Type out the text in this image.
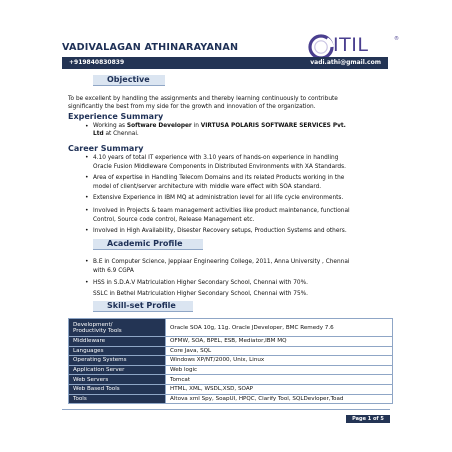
VADIVALAGAN ATHINARAYANAN	ITIL	®
+919840830839	vadi.athi@gmail.com
Objective
To be excellent by handling the assignments and thereby learning continuously to contribute
significantly the best from my side for the growth and innovation of the organization.
Experience Summary
• Working as Software Developer in VIRTUSA POLARIS SOFTWARE SERVICES Pvt.
Ltd at Chennai.
Career Summary
• 4.10 years of total IT experience with 3.10 years of hands-on experience in handling
Oracle Fusion Middleware Components in Distributed Environments with XA Standards.
• Area of expertise in Handling Telecom Domains and its related Products working in the
model of client/server architecture with middle ware effect with SOA standard.
• Extensive Experience in IBM MQ at administration level for all life cycle environments.
• Involved in Projects & team management activities like product maintenance, functional
Control, Source code control, Release Management etc.
• Involved in High Availability, Disester Recovery setups, Production Systems and others.
Academic Profile
• B.E in Computer Science, Jeppiaar Engineering College, 2011, Anna University , Chennai
with 6.9 CGPA
• HSS in S.D.A.V Matriculation Higher Secondary School, Chennai with 70%.
SSLC in Bethel Matriculation Higher Secondary School, Chennai with 75%.
Skill-set Profile
Development/
Productivity Tools	Oracle SOA 10g, 11g. Oracle JDeveloper, BMC Remedy 7.6
Middleware	OFMW, SOA, BPEL, ESB, Mediator,IBM MQ
Languages	Core Java, SQL
Operating Systems	Windows XP/NT/2000, Unix, Linux
Application Server	Web logic
Web Servers	Tomcat
Web Based Tools	HTML, XML, WSDL,XSD, SOAP
Tools	Altova xml Spy, SoapUI, HPQC, Clarify Tool, SQLDevloper,Toad
Page 1 of 5
